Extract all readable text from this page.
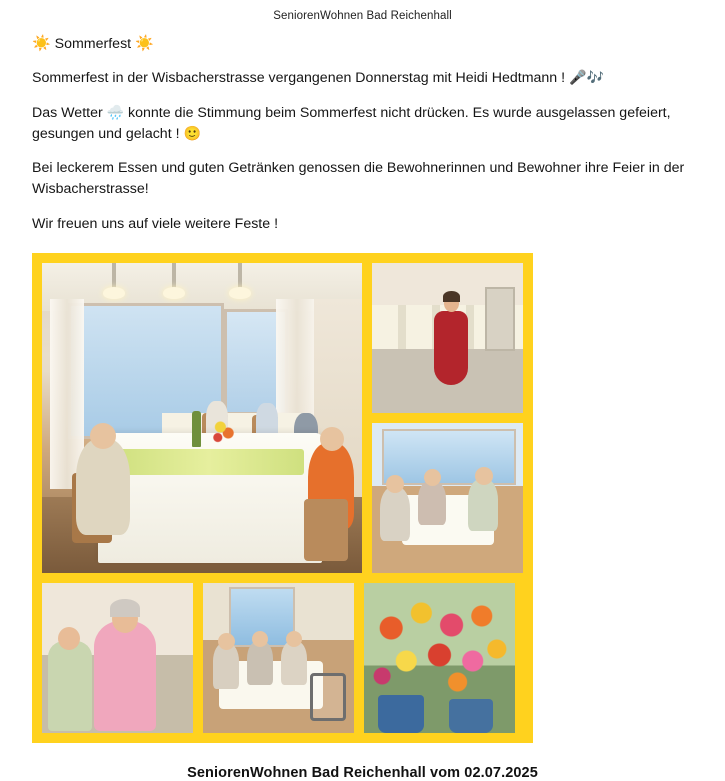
SeniorenWohnen Bad Reichenhall

☀️ Sommerfest ☀️

Sommerfest in der Wisbacherstrasse vergangenen Donnerstag mit Heidi Hedtmann ! 🎤🎶

Das Wetter 🌧️ konnte die Stimmung beim Sommerfest nicht drücken. Es wurde ausgelassen gefeiert, gesungen und gelacht ! 🙂

Bei leckerem Essen und guten Getränken genossen die Bewohnerinnen und Bewohner ihre Feier in der Wisbacherstrasse!

Wir freuen uns auf viele weitere Feste !

SeniorenWohnen Bad Reichenhall vom 02.07.2025
